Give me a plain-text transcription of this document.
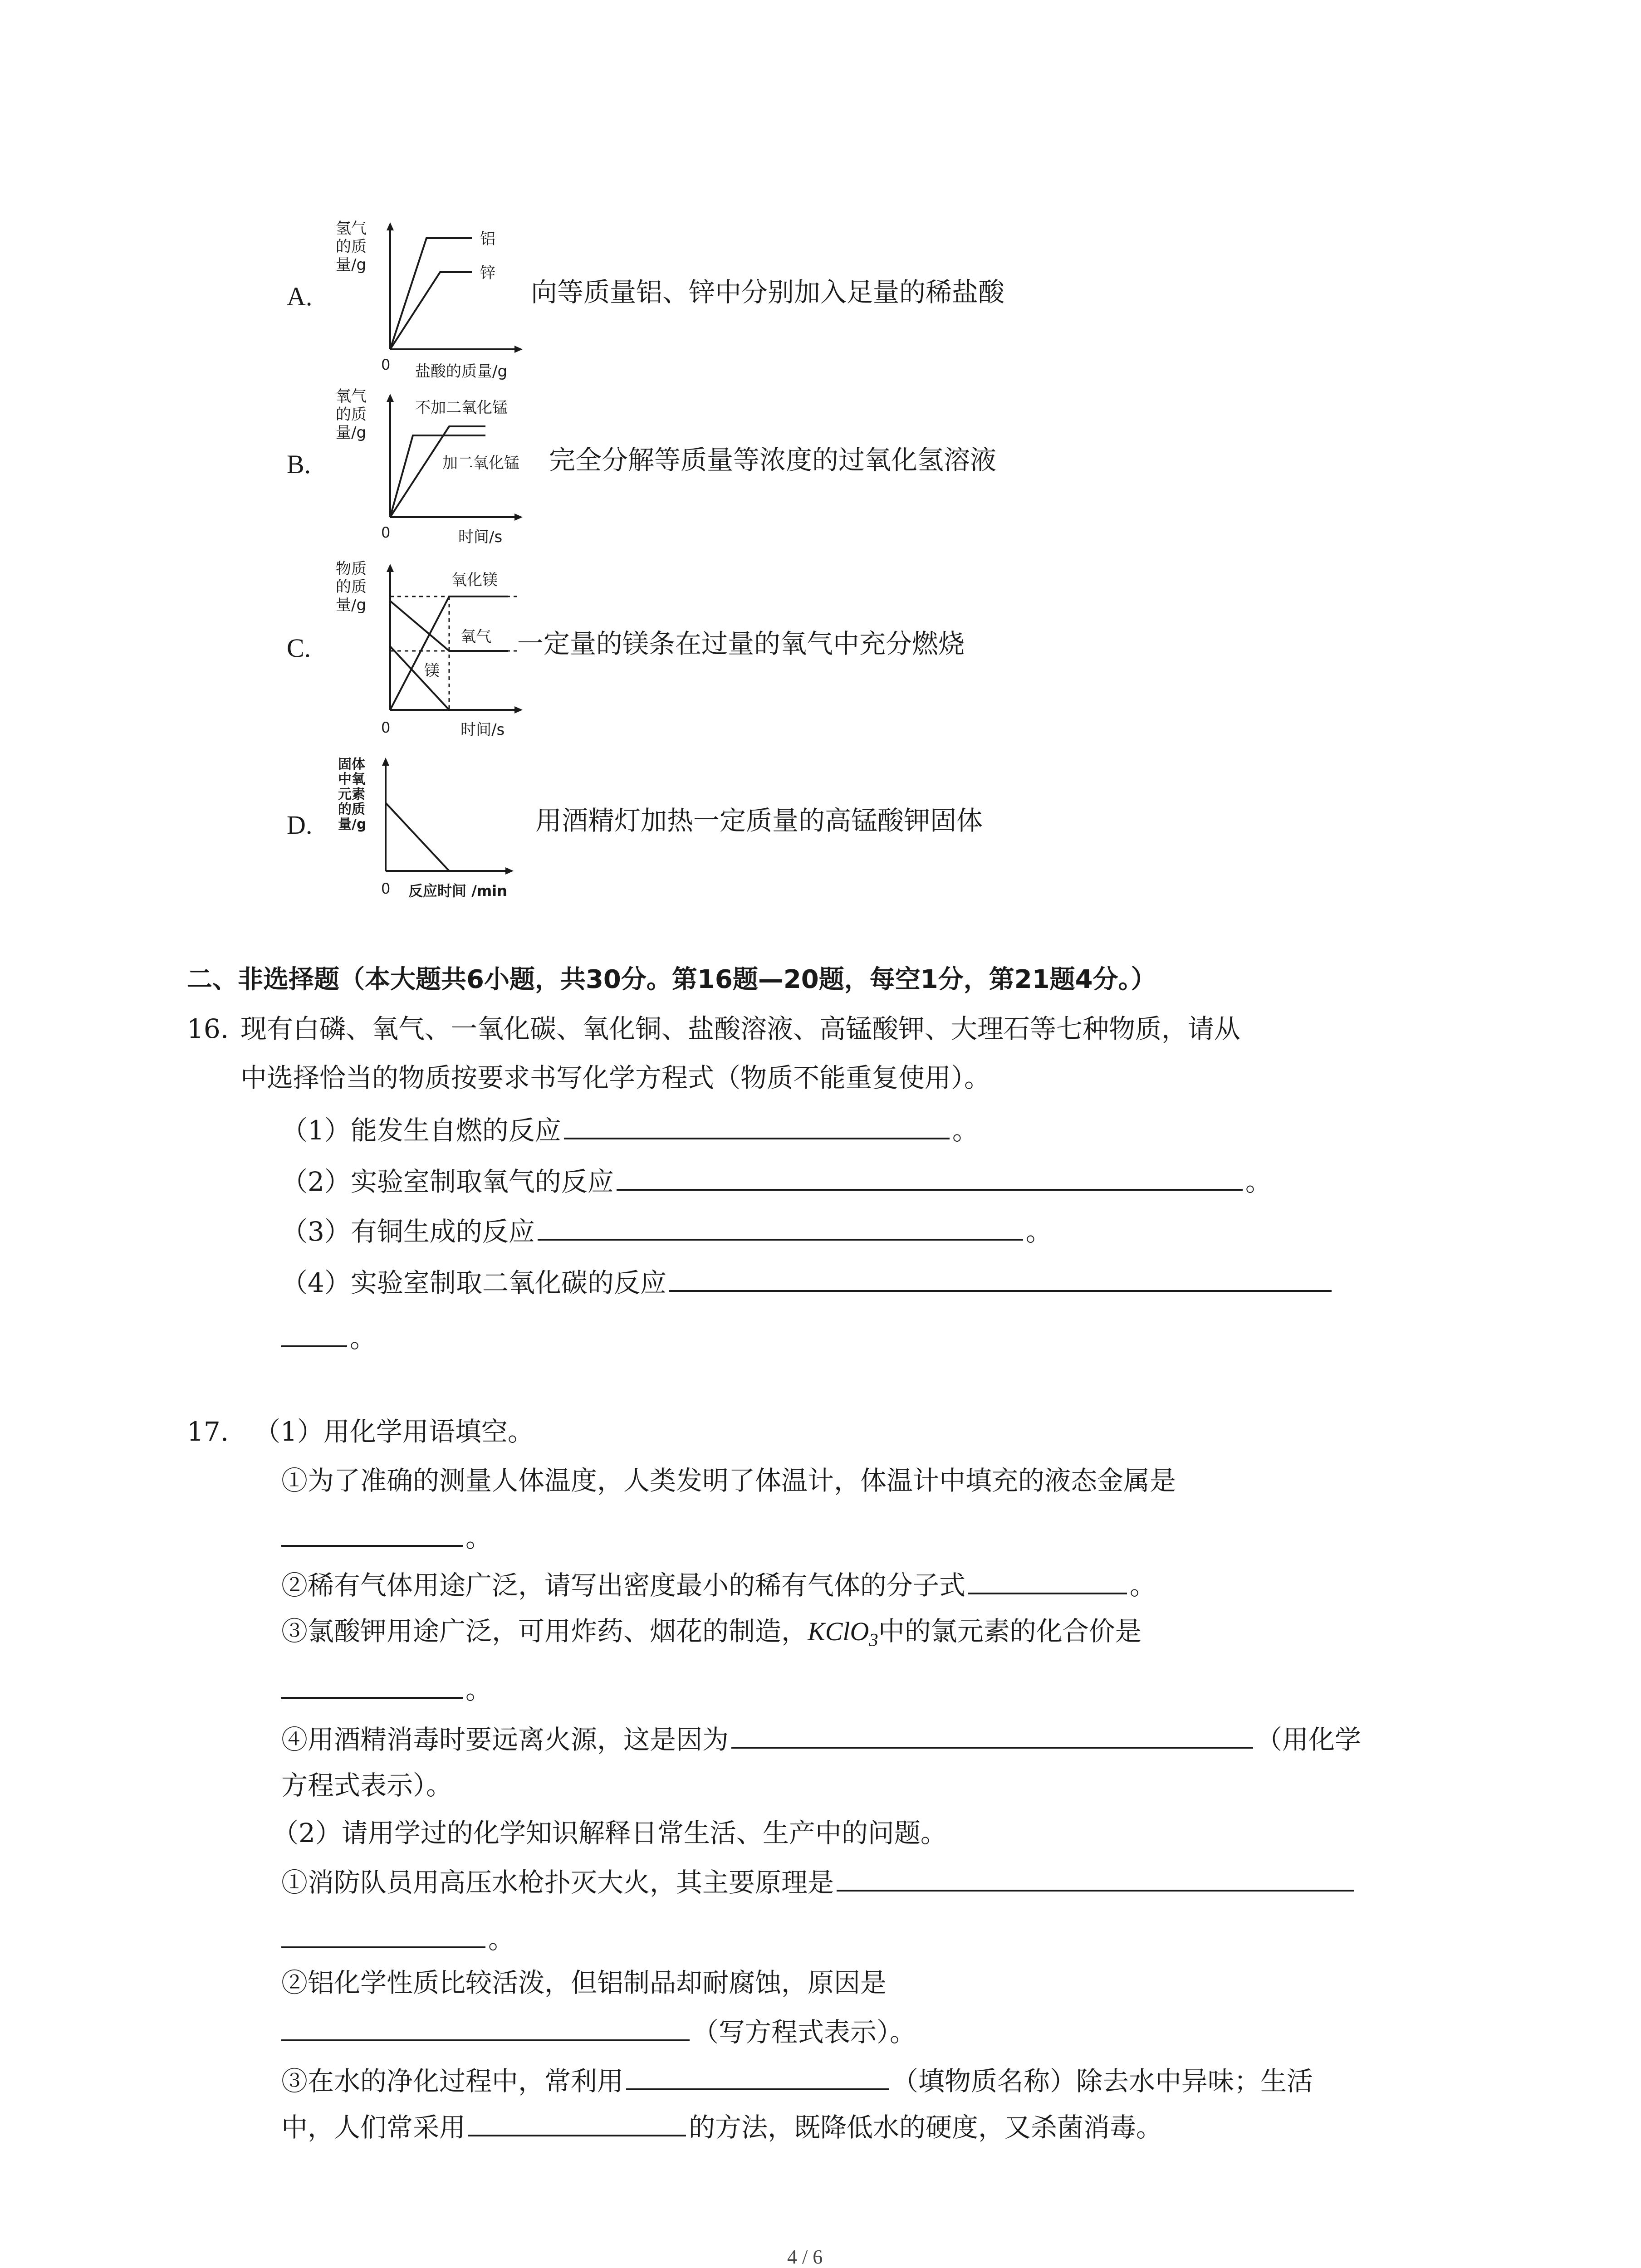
A.
氢气
的质
量/g
铝
锌
0 盐酸的质量/g
向等质量铝、锌中分别加入足量的稀盐酸
B.
氧气
的质
量/g
不加二氧化锰
加二氧化锰
0	时间/s
完全分解等质量等浓度的过氧化氢溶液
C.
物质
的质
量/g
氧化镁
氧气
镁
0	时间/s
一定量的镁条在过量的氧气中充分燃烧
D.
固体
中氧
元素
的质
量/g
0 反应时间 /min
用酒精灯加热一定质量的高锰酸钾固体
二、非选择题（本大题共6小题，共30分。第16题—20题，每空1分，第21题4分。）
16. 现有白磷、氧气、一氧化碳、氧化铜、盐酸溶液、高锰酸钾、大理石等七种物质，请从
中选择恰当的物质按要求书写化学方程式（物质不能重复使用）。
（1）能发生自燃的反应	。
（2）实验室制取氧气的反应	。
（3）有铜生成的反应	。
（4）实验室制取二氧化碳的反应
。
17. （1）用化学用语填空。
①为了准确的测量人体温度，人类发明了体温计，体温计中填充的液态金属是
。
②稀有气体用途广泛，请写出密度最小的稀有气体的分子式	。
③氯酸钾用途广泛，可用炸药、烟花的制造，KClO$_3$中的氯元素的化合价是
。
④用酒精消毒时要远离火源，这是因为	（用化学
方程式表示）。
（2）请用学过的化学知识解释日常生活、生产中的问题。
①消防队员用高压水枪扑灭大火，其主要原理是
。
②铝化学性质比较活泼，但铝制品却耐腐蚀，原因是
（写方程式表示）。
③在水的净化过程中，常利用	（填物质名称）除去水中异味；生活
中，人们常采用	的方法，既降低水的硬度，又杀菌消毒。
4 / 6
